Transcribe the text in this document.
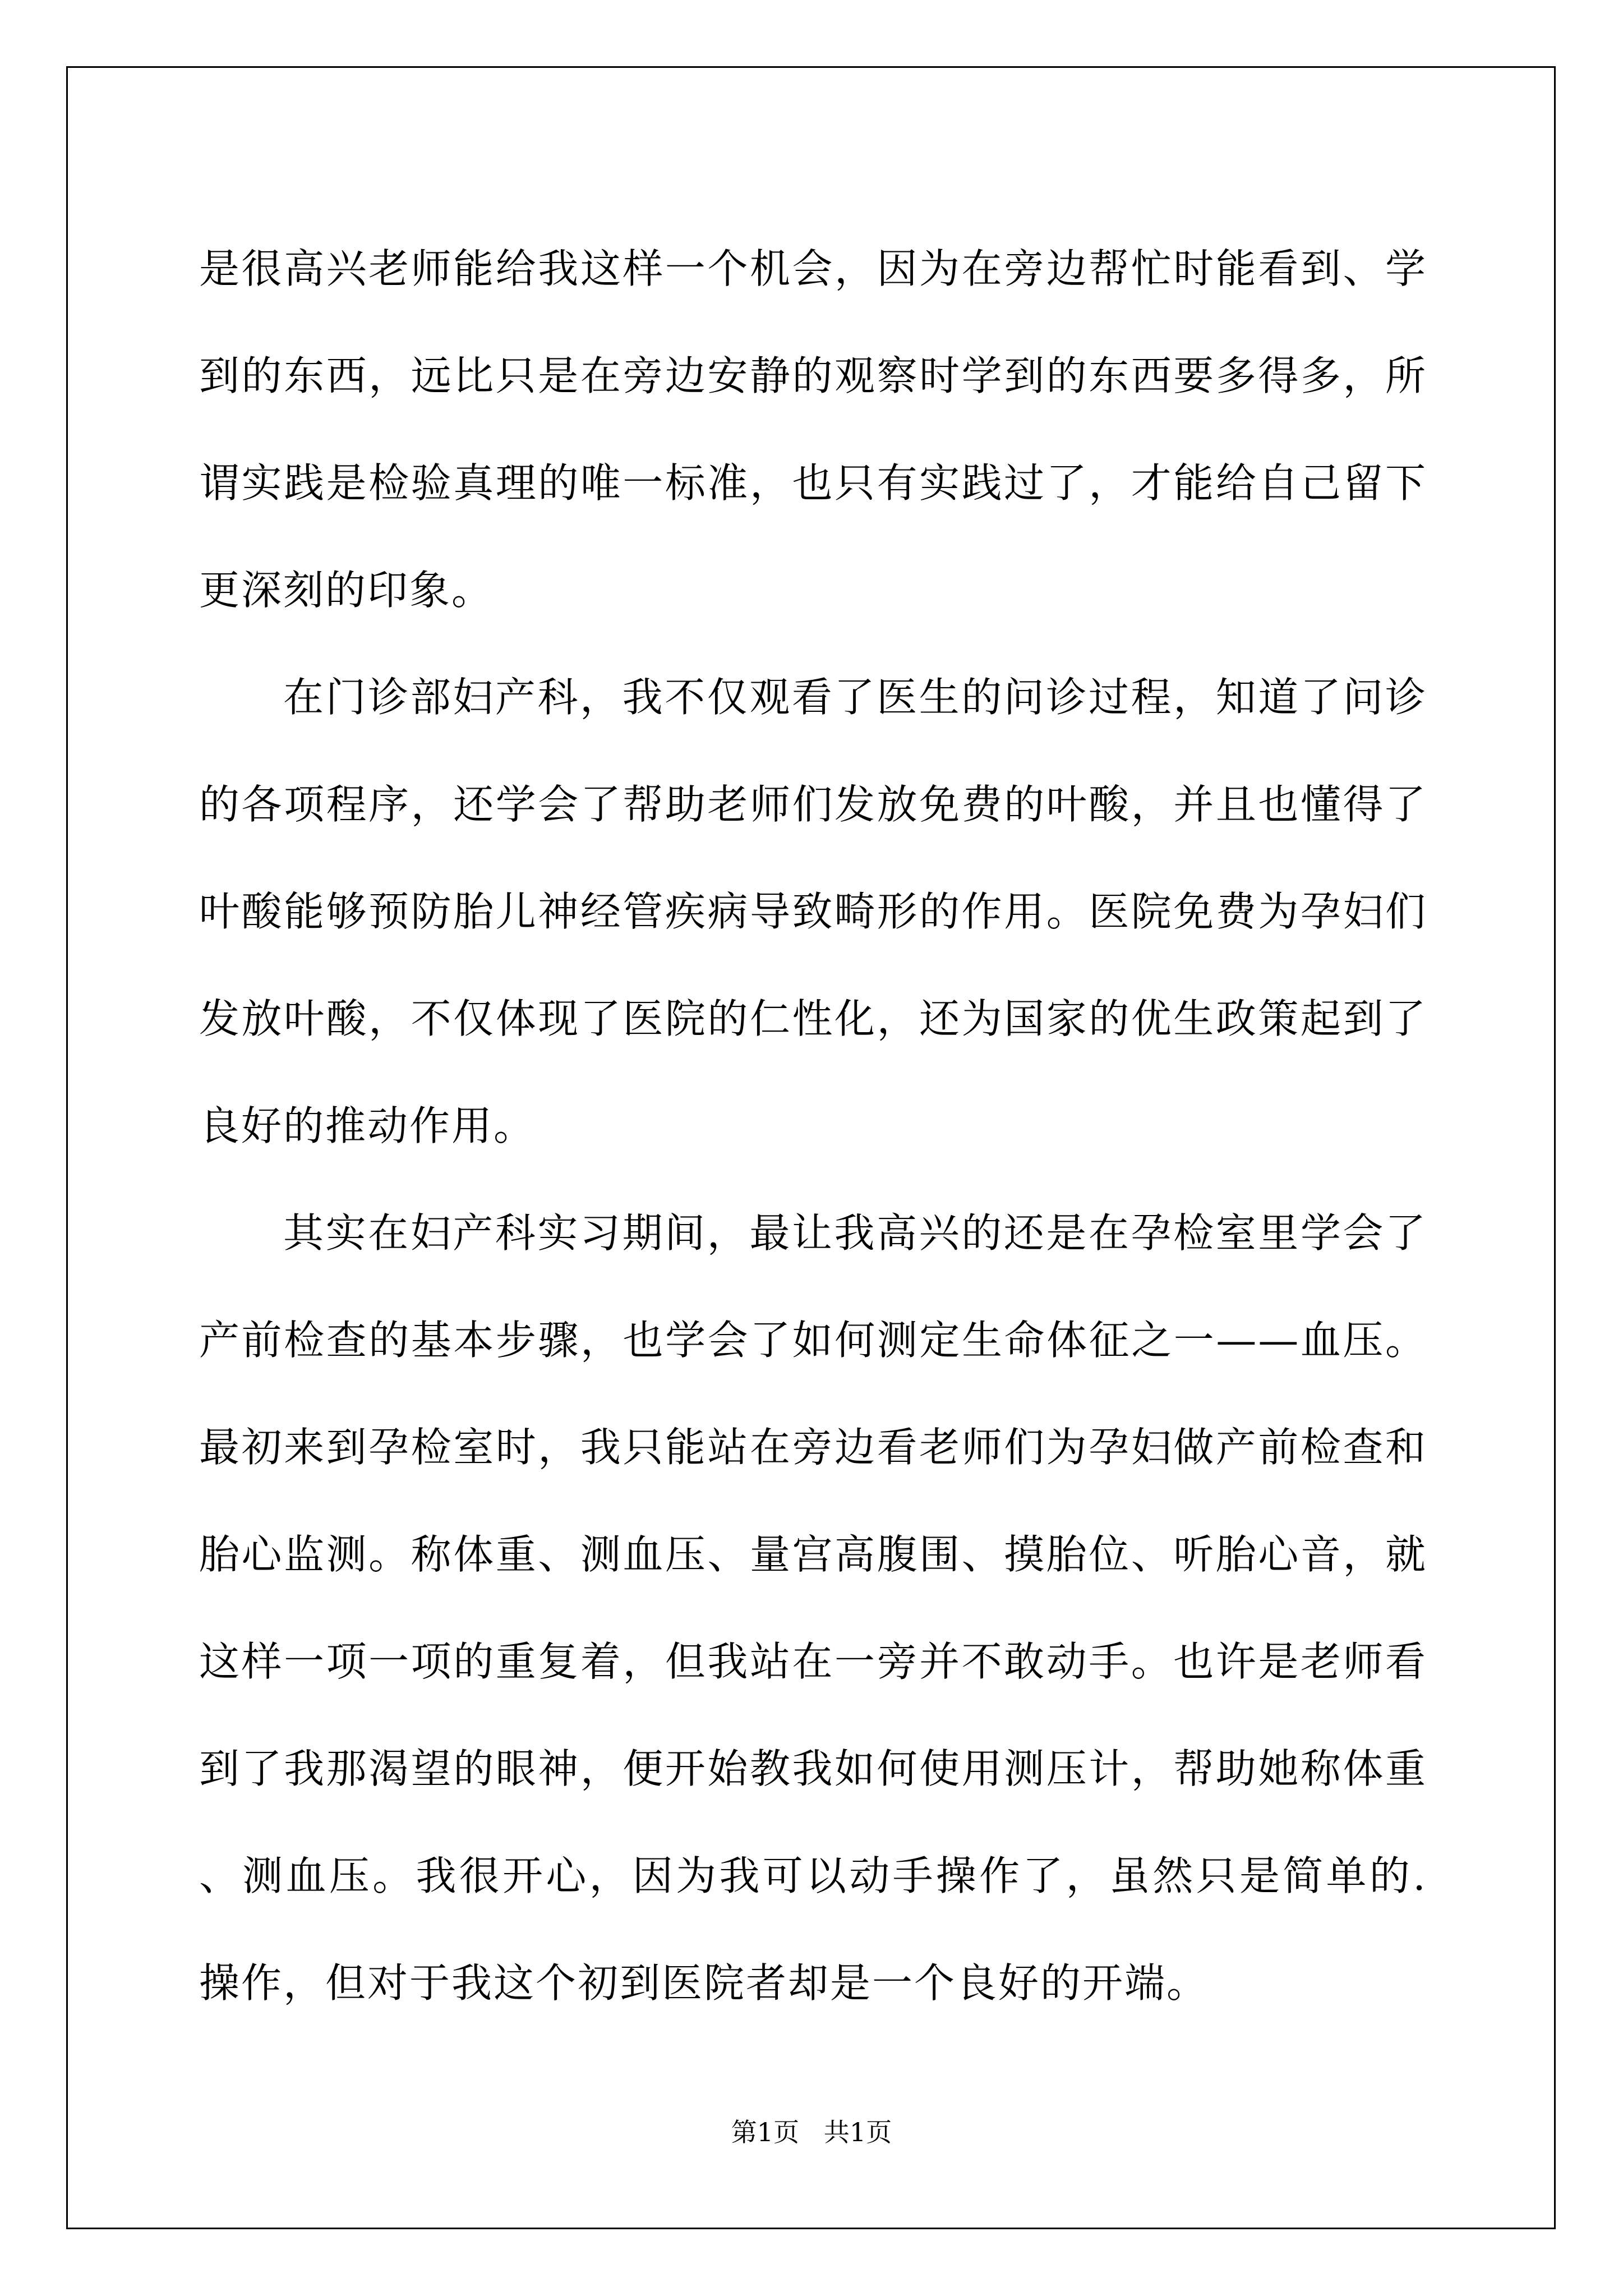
是很高兴老师能给我这样一个机会，因为在旁边帮忙时能看到、学到的东西，远比只是在旁边安静的观察时学到的东西要多得多，所谓实践是检验真理的唯一标准，也只有实践过了，才能给自己留下更深刻的印象。

在门诊部妇产科，我不仅观看了医生的问诊过程，知道了问诊的各项程序，还学会了帮助老师们发放免费的叶酸，并且也懂得了叶酸能够预防胎儿神经管疾病导致畸形的作用。医院免费为孕妇们发放叶酸，不仅体现了医院的仁性化，还为国家的优生政策起到了良好的推动作用。

其实在妇产科实习期间，最让我高兴的还是在孕检室里学会了产前检查的基本步骤，也学会了如何测定生命体征之一——血压。最初来到孕检室时，我只能站在旁边看老师们为孕妇做产前检查和胎心监测。称体重、测血压、量宫高腹围、摸胎位、听胎心音，就这样一项一项的重复着，但我站在一旁并不敢动手。也许是老师看到了我那渴望的眼神，便开始教我如何使用测压计，帮助她称体重、测血压。我很开心，因为我可以动手操作了，虽然只是简单的.操作，但对于我这个初到医院者却是一个良好的开端。

第1页   共1页
